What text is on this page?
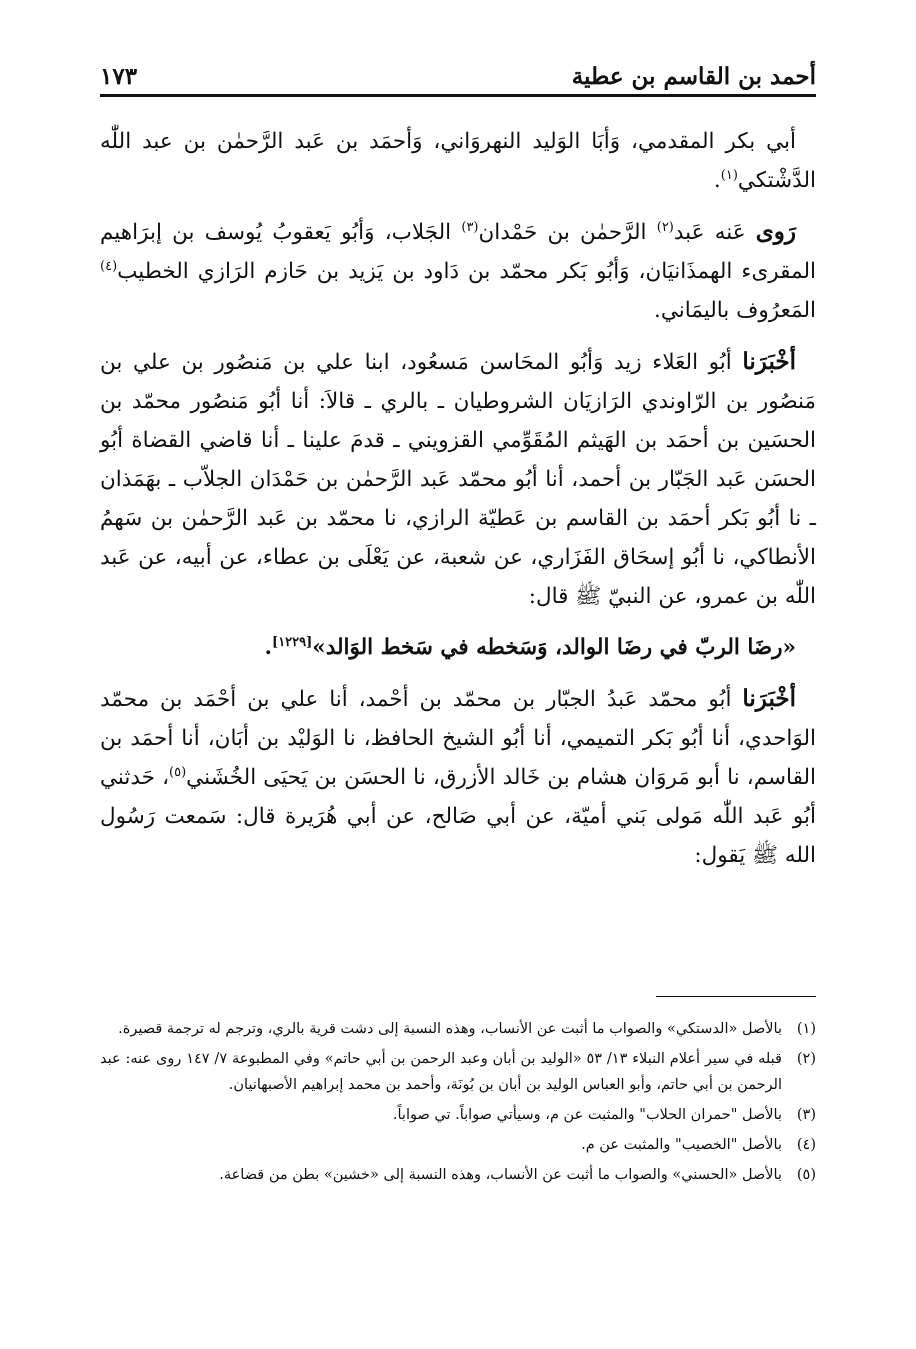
أحمد بن القاسم بن عطية
١٧٣

أبي بكر المقدمي، وَأبَا الوَليد النهروَاني، وَأحمَد بن عَبد الرَّحمٰن بن عبد اللّٰه الدَّشْتكي$^{(١)}$.

رَوى عَنه عَبد$^{(٢)}$ الرَّحمٰن بن حَمْدان$^{(٣)}$ الجَلاب، وَأبُو يَعقوبُ يُوسف بن إبرَاهيم المقرىء الهمذَانيَان، وَأبُو بَكر محمّد بن دَاود بن يَزيد بن حَازم الرَازي الخطيب$^{(٤)}$ المَعرُوف باليمَاني.

أخْبَرَنا أبُو العَلاء زيد وَأبُو المحَاسن مَسعُود، ابنا علي بن مَنصُور بن علي بن مَنصُور بن الرّاوندي الرَازيَان الشروطيان ـ بالري ـ قالاَ: أنا أبُو مَنصُور محمّد بن الحسَين بن أحمَد بن الهَيثم المُقَوِّمي القزويني ـ قدمَ علينا ـ أنا قاضي القضاة أبُو الحسَن عَبد الجَبّار بن أحمد، أنا أبُو محمّد عَبد الرَّحمٰن بن حَمْدَان الجلاّب ـ بهَمَذان ـ نا أبُو بَكر أحمَد بن القاسم بن عَطيّة الرازي، نا محمّد بن عَبد الرَّحمٰن بن سَهمُ الأنطاكي، نا أبُو إسحَاق الفَزَاري، عن شعبة، عن يَعْلَى بن عطاء، عن أبيه، عن عَبد اللّٰه بن عمرو، عن النبيّ ﷺ قال:

«رضَا الربّ في رضَا الوالد، وَسَخطه في سَخط الوَالد»[١٢٢٩].

أخْبَرَنا أبُو محمّد عَبدُ الجبّار بن محمّد بن أحْمد، أنا علي بن أحْمَد بن محمّد الوَاحدي، أنا أبُو بَكر التميمي، أنا أبُو الشيخ الحافظ، نا الوَليْد بن أبَان، أنا أحمَد بن القاسم، نا أبو مَروَان هشام بن خَالد الأزرق، نا الحسَن بن يَحيَى الخُشَني$^{(٥)}$، حَدثني أبُو عَبد اللّٰه مَولى بَني أميّة، عن أبي صَالح، عن أبي هُرَيرة قال: سَمعت رَسُول الله ﷺ يَقول:

(١)
بالأصل «الدستكي» والصواب ما أثبت عن الأنساب، وهذه النسبة إلى دشت قرية بالري، وترجم له ترجمة قصيرة.
(٢)
قبله في سير أعلام النبلاء ١٣/ ٥٣ «الوليد بن أبان وعبد الرحمن بن أبي حاتم» وفي المطبوعة ٧/ ١٤٧ روى عنه: عبد الرحمن بن أبي حاتم، وأبو العباس الوليد بن أبان بن بُونَة، وأحمد بن محمد إبراهيم الأصبهانيان.
(٣)
بالأصل "حمران الحلاب" والمثبت عن م، وسيأتي صواباً. تي صواباً.
(٤)
بالأصل "الخصيب" والمثبت عن م.
(٥)
بالأصل «الحسني» والصواب ما أثبت عن الأنساب، وهذه النسبة إلى «خشين» بطن من قضاعة.
